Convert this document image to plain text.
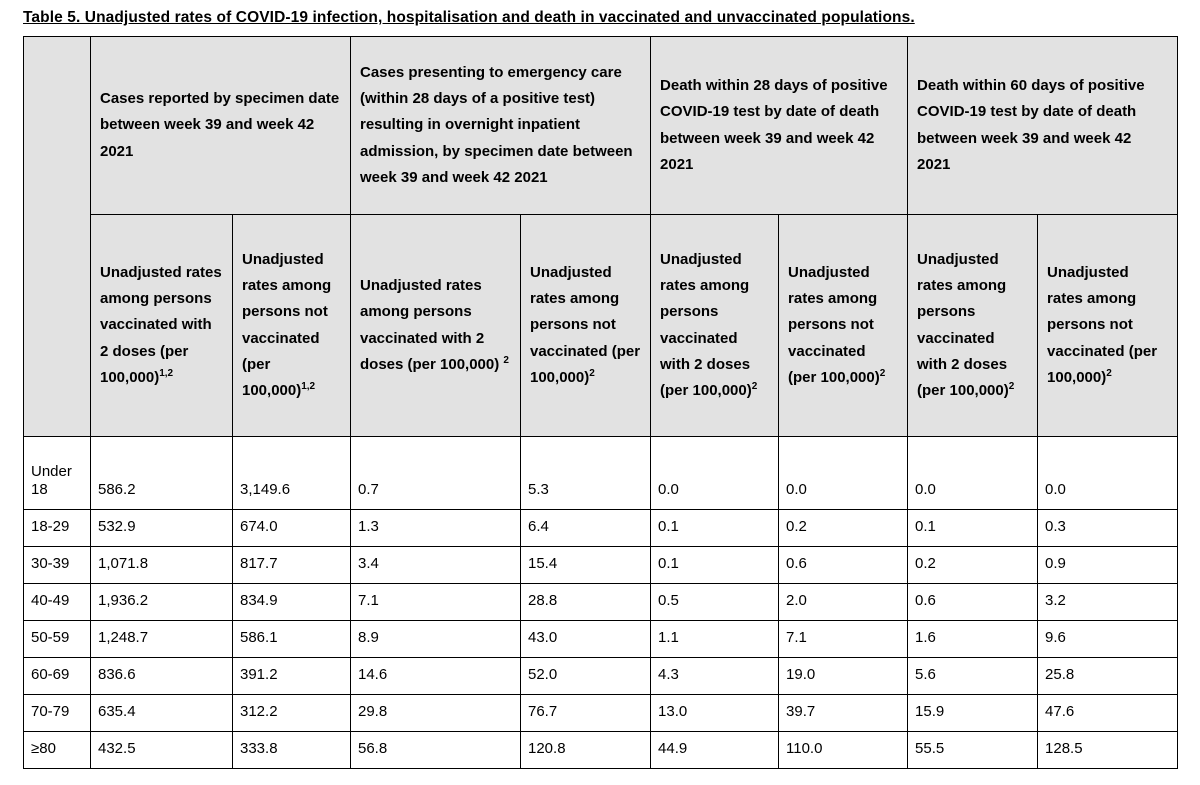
Table 5. Unadjusted rates of COVID-19 infection, hospitalisation and death in vaccinated and unvaccinated populations.
	Cases reported by specimen date between week 39 and week 42 2021		Cases presenting to emergency care (within 28 days of a positive test) resulting in overnight inpatient admission, by specimen date between week 39 and week 42 2021		Death within 28 days of positive COVID-19 test by date of death between week 39 and week 42 2021		Death within 60 days of positive COVID-19 test by date of death between week 39 and week 42 2021	
	Unadjusted rates among persons vaccinated with 2 doses (per 100,000)$^{1,2}$	Unadjusted rates among persons not vaccinated (per 100,000)$^{1,2}$	Unadjusted rates among persons vaccinated with 2 doses (per 100,000) $^2$	Unadjusted rates among persons not vaccinated (per 100,000)$^2$	Unadjusted rates among persons vaccinated with 2 doses (per 100,000)$^2$	Unadjusted rates among persons not vaccinated (per 100,000)$^2$	Unadjusted rates among persons vaccinated with 2 doses (per 100,000)$^2$	Unadjusted rates among persons not vaccinated (per 100,000)$^2$
Under 18	586.2	3,149.6	0.7	5.3	0.0	0.0	0.0	0.0
18-29	532.9	674.0	1.3	6.4	0.1	0.2	0.1	0.3
30-39	1,071.8	817.7	3.4	15.4	0.1	0.6	0.2	0.9
40-49	1,936.2	834.9	7.1	28.8	0.5	2.0	0.6	3.2
50-59	1,248.7	586.1	8.9	43.0	1.1	7.1	1.6	9.6
60-69	836.6	391.2	14.6	52.0	4.3	19.0	5.6	25.8
70-79	635.4	312.2	29.8	76.7	13.0	39.7	15.9	47.6
≥80	432.5	333.8	56.8	120.8	44.9	110.0	55.5	128.5
